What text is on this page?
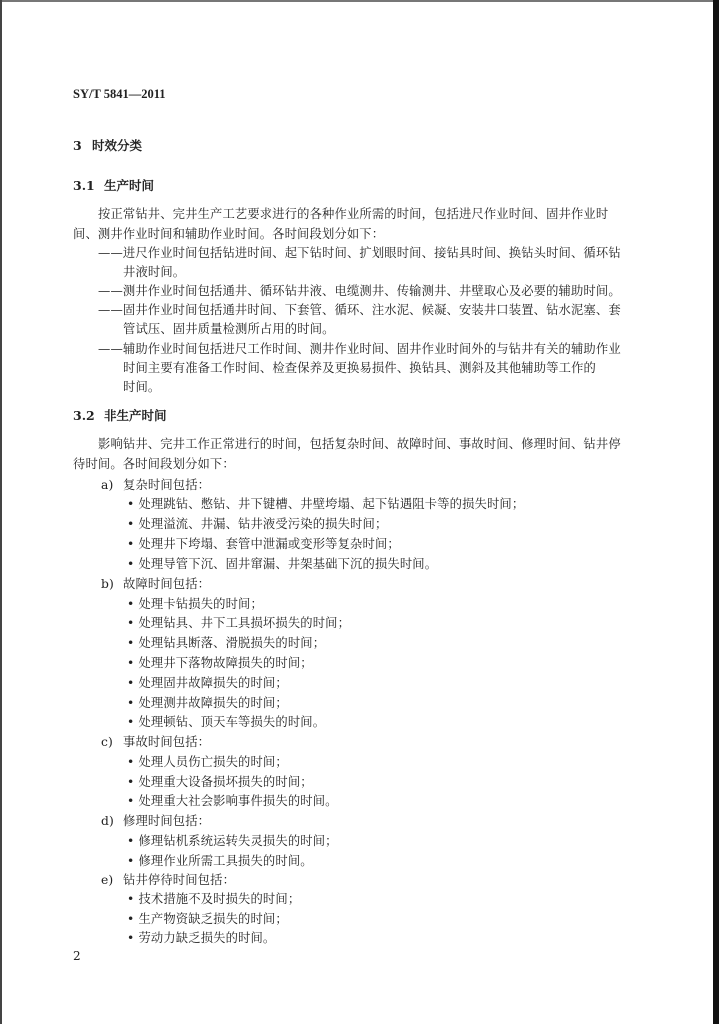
SY/T 5841—2011
3 时效分类
3.1 生产时间
按正常钻井、完井生产工艺要求进行的各种作业所需的时间，包括进尺作业时间、固井作业时
间、测井作业时间和辅助作业时间。各时间段划分如下：
——进尺作业时间包括钻进时间、起下钻时间、扩划眼时间、接钻具时间、换钻头时间、循环钻
井液时间。
——测井作业时间包括通井、循环钻井液、电缆测井、传输测井、井壁取心及必要的辅助时间。
——固井作业时间包括通井时间、下套管、循环、注水泥、候凝、安装井口装置、钻水泥塞、套
管试压、固井质量检测所占用的时间。
——辅助作业时间包括进尺工作时间、测井作业时间、固井作业时间外的与钻井有关的辅助作业
时间主要有准备工作时间、检查保养及更换易损件、换钻具、测斜及其他辅助等工作的
时间。
3.2 非生产时间
影响钻井、完井工作正常进行的时间，包括复杂时间、故障时间、事故时间、修理时间、钻井停
待时间。各时间段划分如下：
a) 复杂时间包括：
• 处理跳钻、憋钻、井下键槽、井壁垮塌、起下钻遇阻卡等的损失时间；
• 处理溢流、井漏、钻井液受污染的损失时间；
• 处理井下垮塌、套管中泄漏或变形等复杂时间；
• 处理导管下沉、固井窜漏、井架基础下沉的损失时间。
b) 故障时间包括：
• 处理卡钻损失的时间；
• 处理钻具、井下工具损坏损失的时间；
• 处理钻具断落、滑脱损失的时间；
• 处理井下落物故障损失的时间；
• 处理固井故障损失的时间；
• 处理测井故障损失的时间；
• 处理顿钻、顶天车等损失的时间。
c) 事故时间包括：
• 处理人员伤亡损失的时间；
• 处理重大设备损坏损失的时间；
• 处理重大社会影响事件损失的时间。
d) 修理时间包括：
• 修理钻机系统运转失灵损失的时间；
• 修理作业所需工具损失的时间。
e) 钻井停待时间包括：
• 技术措施不及时损失的时间；
• 生产物资缺乏损失的时间；
• 劳动力缺乏损失的时间。
2
